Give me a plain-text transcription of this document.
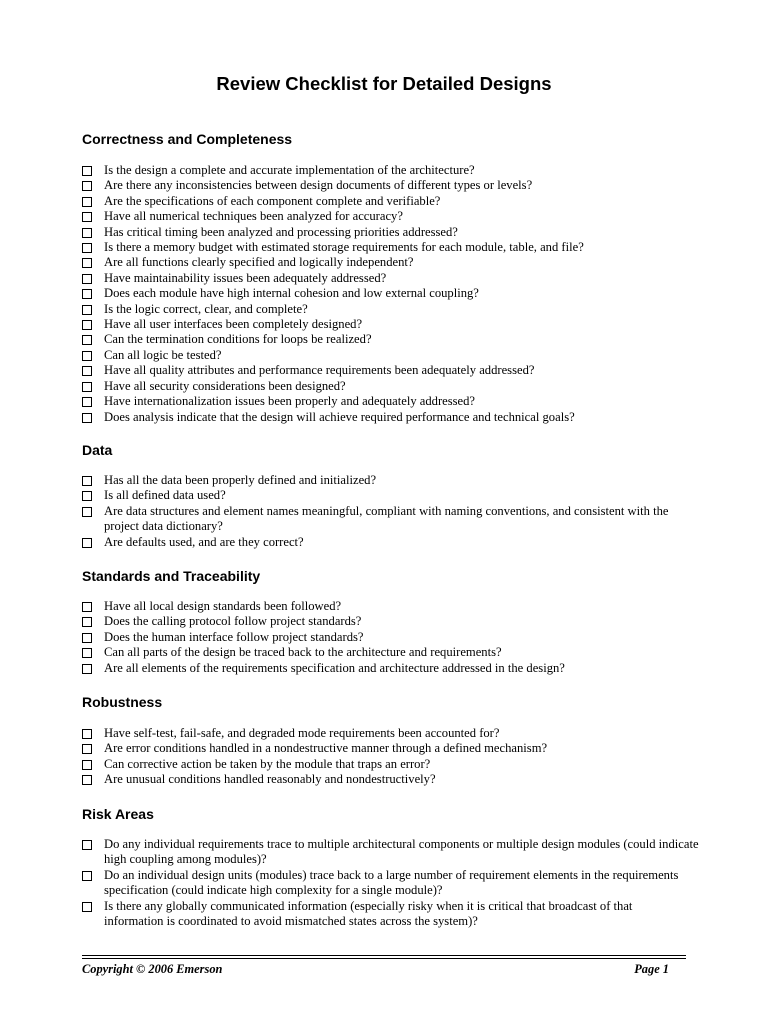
Review Checklist for Detailed Designs
Correctness and Completeness
Is the design a complete and accurate implementation of the architecture?
Are there any inconsistencies between design documents of different types or levels?
Are the specifications of each component complete and verifiable?
Have all numerical techniques been analyzed for accuracy?
Has critical timing been analyzed and processing priorities addressed?
Is there a memory budget with estimated storage requirements for each module, table, and file?
Are all functions clearly specified and logically independent?
Have maintainability issues been adequately addressed?
Does each module have high internal cohesion and low external coupling?
Is the logic correct, clear, and complete?
Have all user interfaces been completely designed?
Can the termination conditions for loops be realized?
Can all logic be tested?
Have all quality attributes and performance requirements been adequately addressed?
Have all security considerations been designed?
Have internationalization issues been properly and adequately addressed?
Does analysis indicate that the design will achieve required performance and technical goals?
Data
Has all the data been properly defined and initialized?
Is all defined data used?
Are data structures and element names meaningful, compliant with naming conventions, and consistent with the project data dictionary?
Are defaults used, and are they correct?
Standards and Traceability
Have all local design standards been followed?
Does the calling protocol follow project standards?
Does the human interface follow project standards?
Can all parts of the design be traced back to the architecture and requirements?
Are all elements of the requirements specification and architecture addressed in the design?
Robustness
Have self-test, fail-safe, and degraded mode requirements been accounted for?
Are error conditions handled in a nondestructive manner through a defined mechanism?
Can corrective action be taken by the module that traps an error?
Are unusual conditions handled reasonably and nondestructively?
Risk Areas
Do any individual requirements trace to multiple architectural components or multiple design modules (could indicate high coupling among modules)?
Do an individual design units (modules) trace back to a large number of requirement elements in the requirements specification (could indicate high complexity for a single module)?
Is there any globally communicated information (especially risky when it is critical that broadcast of that information is coordinated to avoid mismatched states across the system)?
Copyright © 2006 Emerson	Page 1
